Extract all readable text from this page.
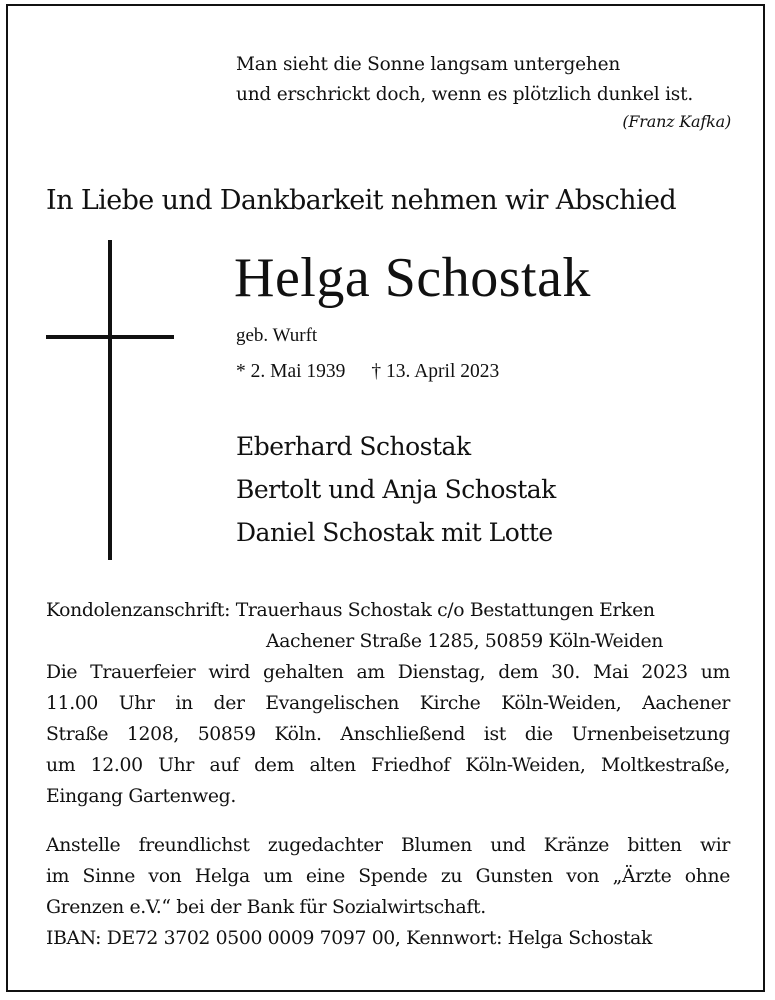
Man sieht die Sonne langsam untergehen
und erschrickt doch, wenn es plötzlich dunkel ist.
(Franz Kafka)
In Liebe und Dankbarkeit nehmen wir Abschied
Helga Schostak
geb. Wurft
* 2. Mai 1939 † 13. April 2023
Eberhard Schostak
Bertolt und Anja Schostak
Daniel Schostak mit Lotte
Kondolenzanschrift: Trauerhaus Schostak c/o Bestattungen Erken
Aachener Straße 1285, 50859 Köln-Weiden
Die Trauerfeier wird gehalten am Dienstag, dem 30. Mai 2023 um
11.00 Uhr in der Evangelischen Kirche Köln-Weiden, Aachener
Straße 1208, 50859 Köln. Anschließend ist die Urnenbeisetzung
um 12.00 Uhr auf dem alten Friedhof Köln-Weiden, Moltkestraße,
Eingang Gartenweg.
Anstelle freundlichst zugedachter Blumen und Kränze bitten wir
im Sinne von Helga um eine Spende zu Gunsten von „Ärzte ohne
Grenzen e.V.“ bei der Bank für Sozialwirtschaft.
IBAN: DE72 3702 0500 0009 7097 00, Kennwort: Helga Schostak
